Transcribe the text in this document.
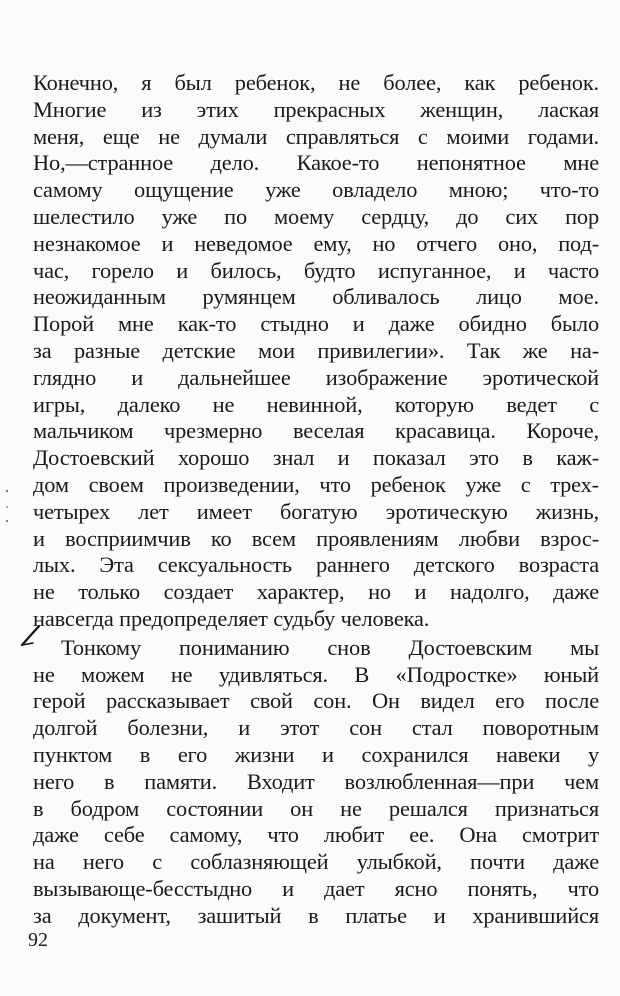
Конечно, я был ребенок, не более, как ребенок.
Многие из этих прекрасных женщин, лаская
меня, еще не думали справляться с моими годами.
Но,—странное дело. Какое-то непонятное мне
самому ощущение уже овладело мною; что-то
шелестило уже по моему сердцу, до сих пор
незнакомое и неведомое ему, но отчего оно, под-
час, горело и билось, будто испуганное, и часто
неожиданным румянцем обливалось лицо мое.
Порой мне как-то стыдно и даже обидно было
за разные детские мои привилегии». Так же на-
глядно и дальнейшее изображение эротической
игры, далеко не невинной, которую ведет с
мальчиком чрезмерно веселая красавица. Короче,
Достоевский хорошо знал и показал это в каж-
дом своем произведении, что ребенок уже с трех-
четырех лет имеет богатую эротическую жизнь,
и восприимчив ко всем проявлениям любви взрос-
лых. Эта сексуальность раннего детского возраста
не только создает характер, но и надолго, даже
навсегда предопределяет судьбу человека.
Тонкому пониманию снов Достоевским мы
не можем не удивляться. В «Подростке» юный
герой рассказывает свой сон. Он видел его после
долгой болезни, и этот сон стал поворотным
пунктом в его жизни и сохранился навеки у
него в памяти. Входит возлюбленная—при чем
в бодром состоянии он не решался признаться
даже себе самому, что любит ее. Она смотрит
на него с соблазняющей улыбкой, почти даже
вызывающе-бесстыдно и дает ясно понять, что
за документ, зашитый в платье и хранившийся
92
